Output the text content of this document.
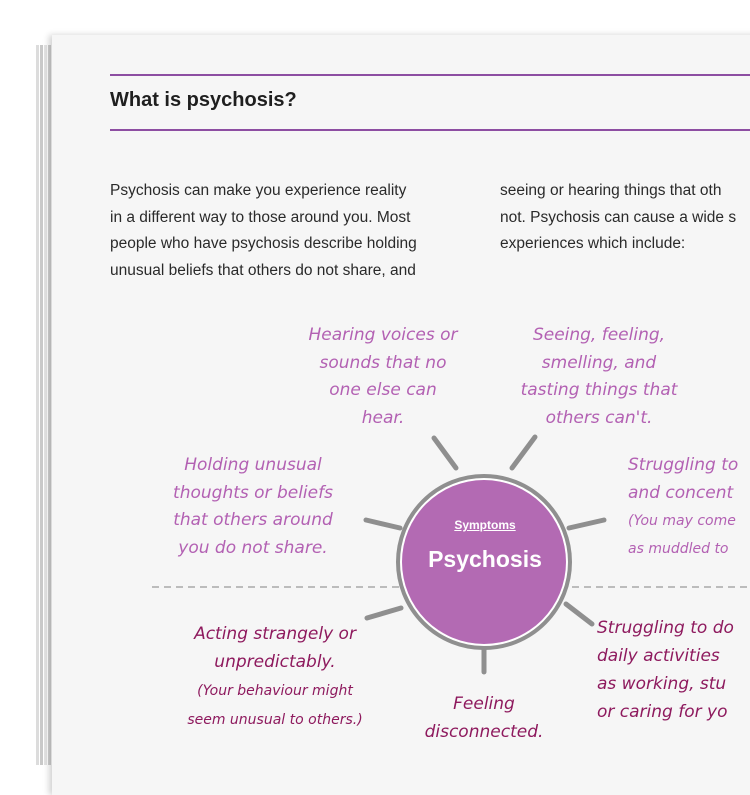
What is psychosis?
Psychosis can make you experience reality
in a different way to those around you. Most
people who have psychosis describe holding
unusual beliefs that others do not share, and
seeing or hearing things that oth
not. Psychosis can cause a wide s
experiences which include:
Symptoms
Psychosis
Hearing voices or
sounds that no
one else can
hear.
Seeing, feeling,
smelling, and
tasting things that
others can't.
Holding unusual
thoughts or beliefs
that others around
you do not share.
Struggling to
and concent
(You may come
as muddled to
Acting strangely or
unpredictably.
(Your behaviour might
seem unusual to others.)
Feeling
disconnected.
Struggling to do
daily activities
as working, stu
or caring for yo
